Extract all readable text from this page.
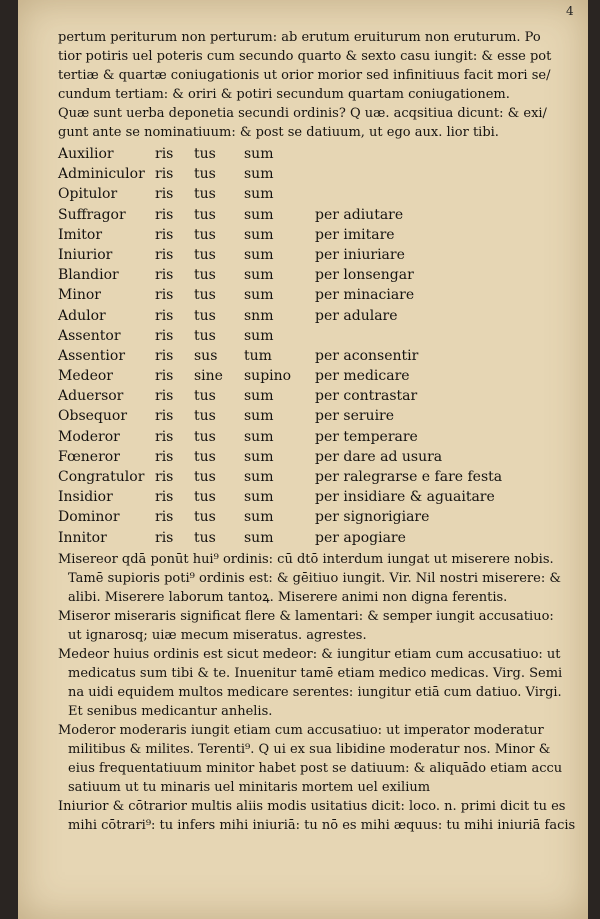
4
pertum periturum non perturum: ab erutum eruiturum non eruturum. Po
tior potiris uel poteris cum secundo quarto & sexto casu iungit: & esse pot
tertiæ & quartæ coniugationis ut orior morior sed infinitiuus facit mori se/
cundum tertiam: & oriri & potiri secundum quartam coniugationem.
Quæ sunt uerba deponetia secundi ordinis? Q uæ. acqsitiua dicunt: & exi/
gunt ante se nominatiuum: & post se datiuum, ut ego aux. lior tibi.
Auxilior	ris tus sum
Adminiculor ris tus sum
Opitulor	ris tus sum
Suffragor ris tus sum	per adiutare
Imitor	ris tus sum	per imitare
Iniurior	ris tus sum	per iniuriare
Blandior	ris tus sum	per lonsengar
Minor	ris tus sum	per minaciare
Adulor	ris tus snm	per adulare
Assentor ris tus sum
Assentior ris sus tum	per aconsentir
Medeor	ris sine supino per medicare
Aduersor ris tus sum	per contrastar
Obsequor ris tus sum	per seruire
Moderor	ris tus sum	per temperare
Fœneror	ris tus sum	per dare ad usura
Congratulor ris tus sum	per ralegrarse e fare festa
Insidior	ris tus sum	per insidiare & aguaitare
Dominor	ris tus sum	per signorigiare
Innitor	ris tus sum	per apogiare
Misereor qdā ponūt hui⁹ ordinis: cū dtō interdum iungat ut miserere nobis.
Tamē supioris poti⁹ ordinis est: & gēitiuo iungit. Vir. Nil nostri miserere: &
alibi. Miserere laborum tantoꝝ. Miserere animi non digna ferentis.
Miseror miseraris significat flere & lamentari: & semper iungit accusatiuo:
ut ignarosq; uiæ mecum miseratus. agrestes.
Medeor huius ordinis est sicut medeor: & iungitur etiam cum accusatiuo: ut
medicatus sum tibi & te. Inuenitur tamē etiam medico medicas. Virg. Semi
na uidi equidem multos medicare serentes: iungitur etiā cum datiuo. Virgi.
Et senibus medicantur anhelis.
Moderor moderaris iungit etiam cum accusatiuo: ut imperator moderatur
militibus & milites. Terenti⁹. Q ui ex sua libidine moderatur nos. Minor &
eius frequentatiuum minitor habet post se datiuum: & aliquādo etiam accu
satiuum ut tu minaris uel minitaris mortem uel exilium
Iniurior & cōtrarior multis aliis modis usitatius dicit: loco. n. primi dicit tu es
mihi cōtrari⁹: tu infers mihi iniuriā: tu nō es mihi æquus: tu mihi iniuriā facis
